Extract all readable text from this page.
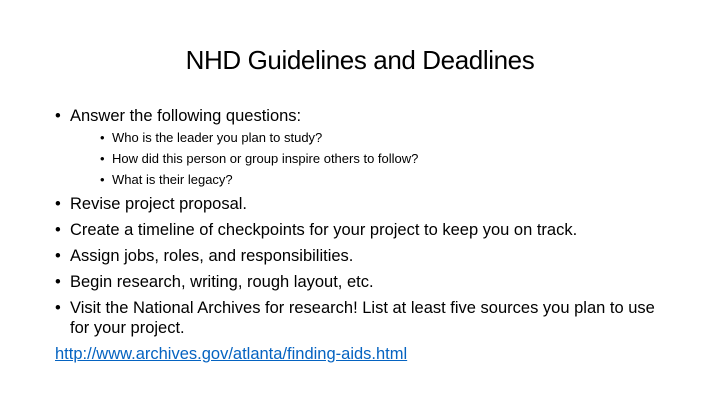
NHD Guidelines and Deadlines
• Answer the following questions:
• Who is the leader you plan to study?
• How did this person or group inspire others to follow?
• What is their legacy?
• Revise project proposal.
• Create a timeline of checkpoints for your project to keep you on track.
• Assign jobs, roles, and responsibilities.
• Begin research, writing, rough layout, etc.
• Visit the National Archives for research! List at least five sources you plan to use for your project.
http://www.archives.gov/atlanta/finding-aids.html
